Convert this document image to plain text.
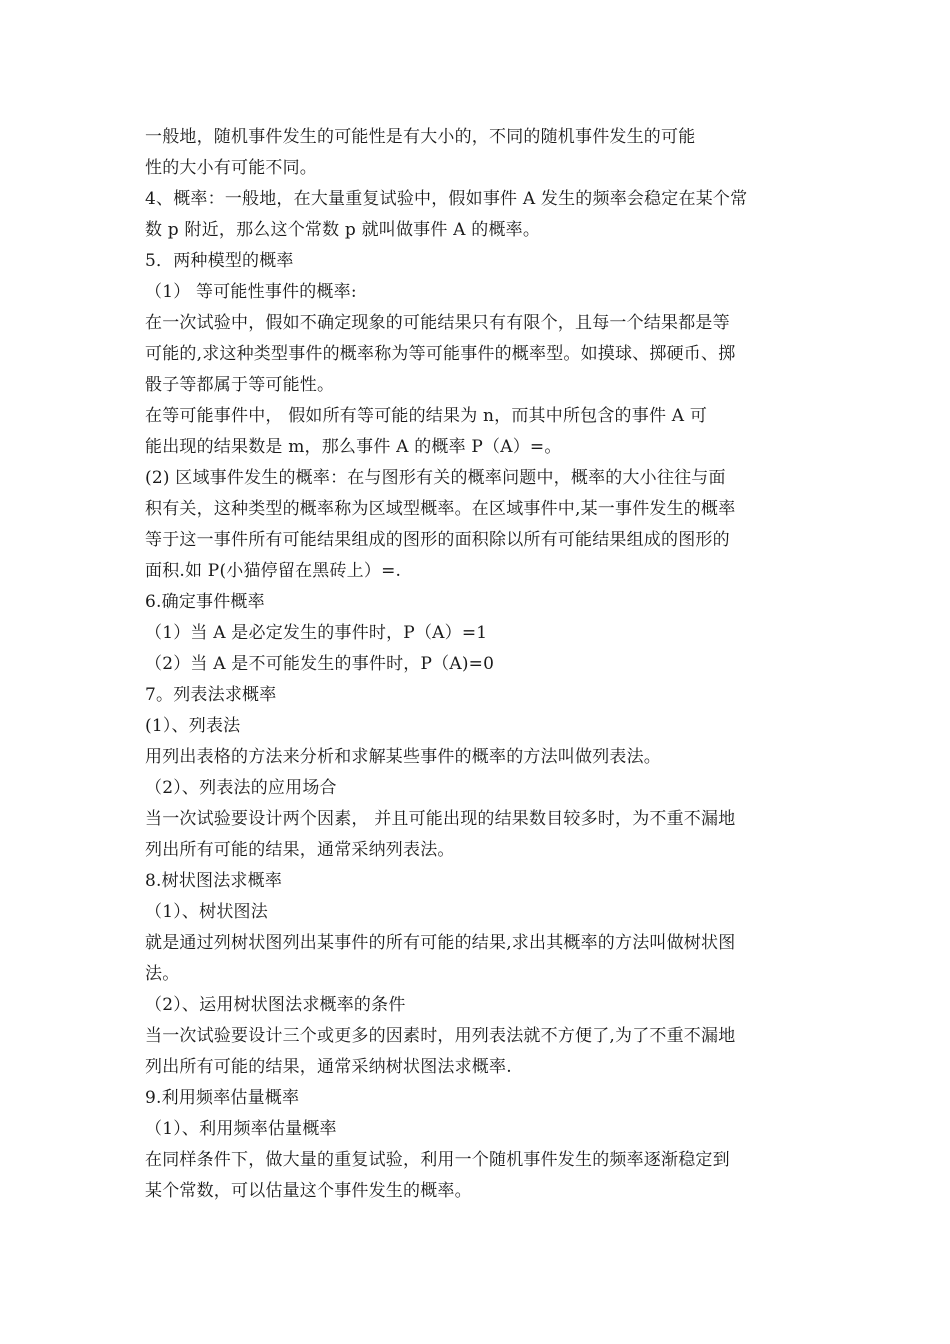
一般地，随机事件发生的可能性是有大小的，不同的随机事件发生的可能
性的大小有可能不同。
4、概率：一般地，在大量重复试验中，假如事件 A 发生的频率会稳定在某个常
数 p 附近，那么这个常数 p 就叫做事件 A 的概率。
5．两种模型的概率
（1） 等可能性事件的概率:
在一次试验中，假如不确定现象的可能结果只有有限个，且每一个结果都是等
可能的,求这种类型事件的概率称为等可能事件的概率型。如摸球、掷硬币、掷
骰子等都属于等可能性。
在等可能事件中， 假如所有等可能的结果为 n，而其中所包含的事件 A 可
能出现的结果数是 m，那么事件 A 的概率 P（A）=。
(2) 区域事件发生的概率：在与图形有关的概率问题中，概率的大小往往与面
积有关，这种类型的概率称为区域型概率。在区域事件中,某一事件发生的概率
等于这一事件所有可能结果组成的图形的面积除以所有可能结果组成的图形的
面积.如 P(小猫停留在黑砖上）=.
6.确定事件概率
（1）当 A 是必定发生的事件时，P（A）=1
（2）当 A 是不可能发生的事件时，P（A)=0
7。列表法求概率
(1）、列表法
用列出表格的方法来分析和求解某些事件的概率的方法叫做列表法。
（2）、列表法的应用场合
当一次试验要设计两个因素， 并且可能出现的结果数目较多时，为不重不漏地
列出所有可能的结果，通常采纳列表法。
8.树状图法求概率
（1）、树状图法
就是通过列树状图列出某事件的所有可能的结果,求出其概率的方法叫做树状图
法。
（2）、运用树状图法求概率的条件
当一次试验要设计三个或更多的因素时，用列表法就不方便了,为了不重不漏地
列出所有可能的结果，通常采纳树状图法求概率.
9.利用频率估量概率
（1）、利用频率估量概率
在同样条件下，做大量的重复试验，利用一个随机事件发生的频率逐渐稳定到
某个常数，可以估量这个事件发生的概率。
